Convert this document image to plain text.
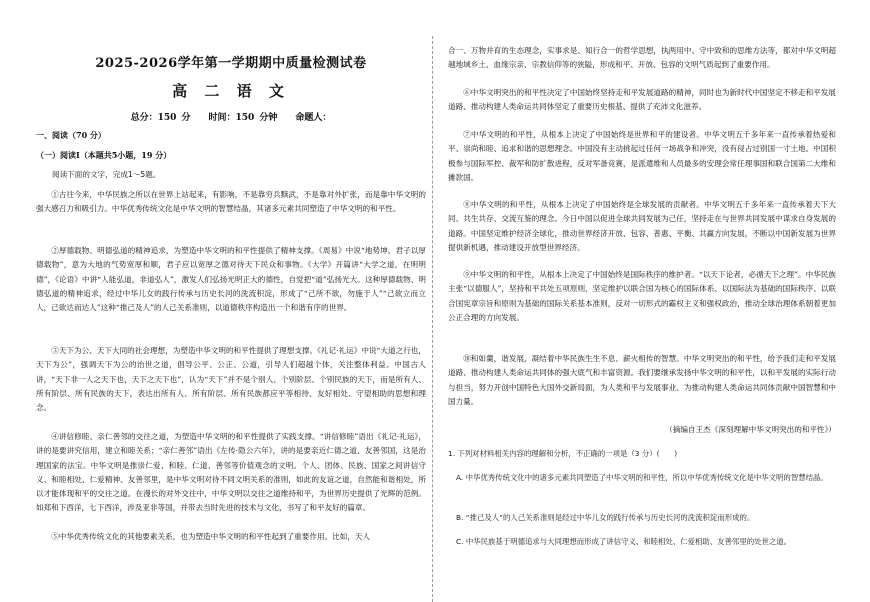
2025-2026学年第一学期期中质量检测试卷
高 二 语 文
总分：150 分　　时间：150 分钟　　命题人：

一、阅读（70 分）

（一）阅读Ⅰ（本题共5小题，19 分）

阅读下面的文字，完成1～5题。

①古往今来，中华民族之所以在世界上站起来，有影响，不是靠穷兵黩武，不是靠对外扩张，而是靠中华文明的强大感召力和吸引力。中华优秀传统文化是中华文明的智慧结晶，其诸多元素共同塑造了中华文明的和平性。

②厚德载物、明德弘道的精神追求，为塑造中华文明的和平性提供了精神支撑。《周易》中说“地势坤，君子以厚德载物”，意为大地的气势宽厚和顺，君子应以宽厚之德对待天下民众和事物。《大学》开篇讲“大学之道，在明明德”，《论语》中讲“人能弘道，非道弘人”，激发人们弘扬光明正大的德性，自觉把“道”弘扬光大。这种厚德载物、明德弘道的精神追求，经过中华儿女的践行传承与历史长河的洗流积淀，形成了“己所不欲，勿施于人”“己欲立而立人，己欲达而达人”这种“推己及人”的人己关系准则，以道德秩序构造出一个和谐有序的世界。

③天下为公、天下大同的社会理想，为塑造中华文明的和平性提供了理想支撑。《礼记·礼运》中说“大道之行也，天下为公”，强调天下为公的治世之道，倡导公平、公正、公道，引导人们超越个体，关注整体利益。中国古人讲，“天下非一人之天下也，天下之天下也”，认为“天下”并不是个别人、个别阶层、个别民族的天下，而是所有人、所有阶层、所有民族的天下，表达出所有人、所有阶层、所有民族都应平等相待、友好相处、守望相助的思想和理念。

④讲信修睦、亲仁善邻的交往之道，为塑造中华文明的和平性提供了实践支撑。“讲信修睦”语出《礼记·礼运》，讲的是要讲究信用，建立和睦关系；“亲仁善邻”语出《左传·隐公六年》，讲的是要亲近仁德之道、友善邻国，这是治理国家的法宝。中华文明是推崇仁爱、和睦、仁道、善邻等价值观念的文明。个人、团体、民族、国家之间讲信守义、和睦相处、仁爱精神、友善邻里，是中华文明对待不同文明关系的准则，如此的友谊之道，自然能和谐相处，所以才能体现和平的交往之道。在漫长的对外交往中，中华文明以交往之道维持和平，为世界历史提供了光辉的范例。如郑和下西洋，七下西洋，涉及亚非等国，并带去当时先进的技术与文化，书写了和平友好的篇章。

⑤中华优秀传统文化的其他要素关系，也为塑造中华文明的和平性起到了重要作用。比如，天人

合一、万物并育的生态理念，实事求是、知行合一的哲学思想，执两用中、守中致和的思维方法等，都对中华文明超越地域乡土、血缘宗亲、宗教信仰等的狭隘，形成和平、开放、包容的文明气质起到了重要作用。

⑥中华文明突出的和平性决定了中国始终坚持走和平发展道路的精神，同时也为新时代中国坚定不移走和平发展道路、推动构建人类命运共同体坚定了重要历史根基、提供了充沛文化滋养。

⑦中华文明的和平性，从根本上决定了中国始终是世界和平的建设者。中华文明五千多年来一直传承着热爱和平、崇尚和睦、追求和谐的思想理念。中国没有主动挑起过任何一场战争和冲突，没有侵占过别国一寸土地。中国积极参与国际军控、裁军和防扩散进程，反对军备竞赛，是派遣维和人员最多的安理会常任理事国和联合国第二大维和摊款国。

⑧中华文明的和平性，从根本上决定了中国始终是全球发展的贡献者。中华文明五千多年来一直传承着天下大同、共生共存、交流互鉴的理念。今日中国以促进全球共同发展为己任，坚持走在与世界共同发展中谋求自身发展的道路。中国坚定维护经济全球化，推动世界经济开放、包容、普惠、平衡、共赢方向发展，不断以中国新发展为世界提供新机遇，推动建设开放型世界经济。

⑨中华文明的和平性，从根本上决定了中国始终是国际秩序的维护者。“以天下论者，必循天下之理”。中华民族主张“以德服人”，坚持和平共处五项原则，坚定维护以联合国为核心的国际体系、以国际法为基础的国际秩序、以联合国宪章宗旨和原则为基础的国际关系基本准则，反对一切形式的霸权主义和强权政治，推动全球治理体系朝着更加公正合理的方向发展。

⑩和如羹，谐发展，凝结着中华民族生生不息、薪火相传的智慧。中华文明突出的和平性，给予我们走和平发展道路、推动构建人类命运共同体的强大底气和丰富资源。我们要继承发扬中华文明的和平性，以和平发展的实际行动与担当，努力开创中国特色大国外交新局面，为人类和平与发展事业、为推动构建人类命运共同体贡献中国智慧和中国力量。

（摘编自王杰《深刻理解中华文明突出的和平性》）

1. 下列对材料相关内容的理解和分析，不正确的一项是（3 分）(　　)

A. 中华优秀传统文化中的诸多元素共同塑造了中华文明的和平性，所以中华优秀传统文化是中华文明的智慧结晶。

B. “推己及人”的人己关系准则是经过中华儿女的践行传承与历史长河的洗流积淀而形成的。

C. 中华民族基于明德追求与大同理想而形成了讲信守义、和睦相处、仁爱相助、友善邻里的处世之道。
